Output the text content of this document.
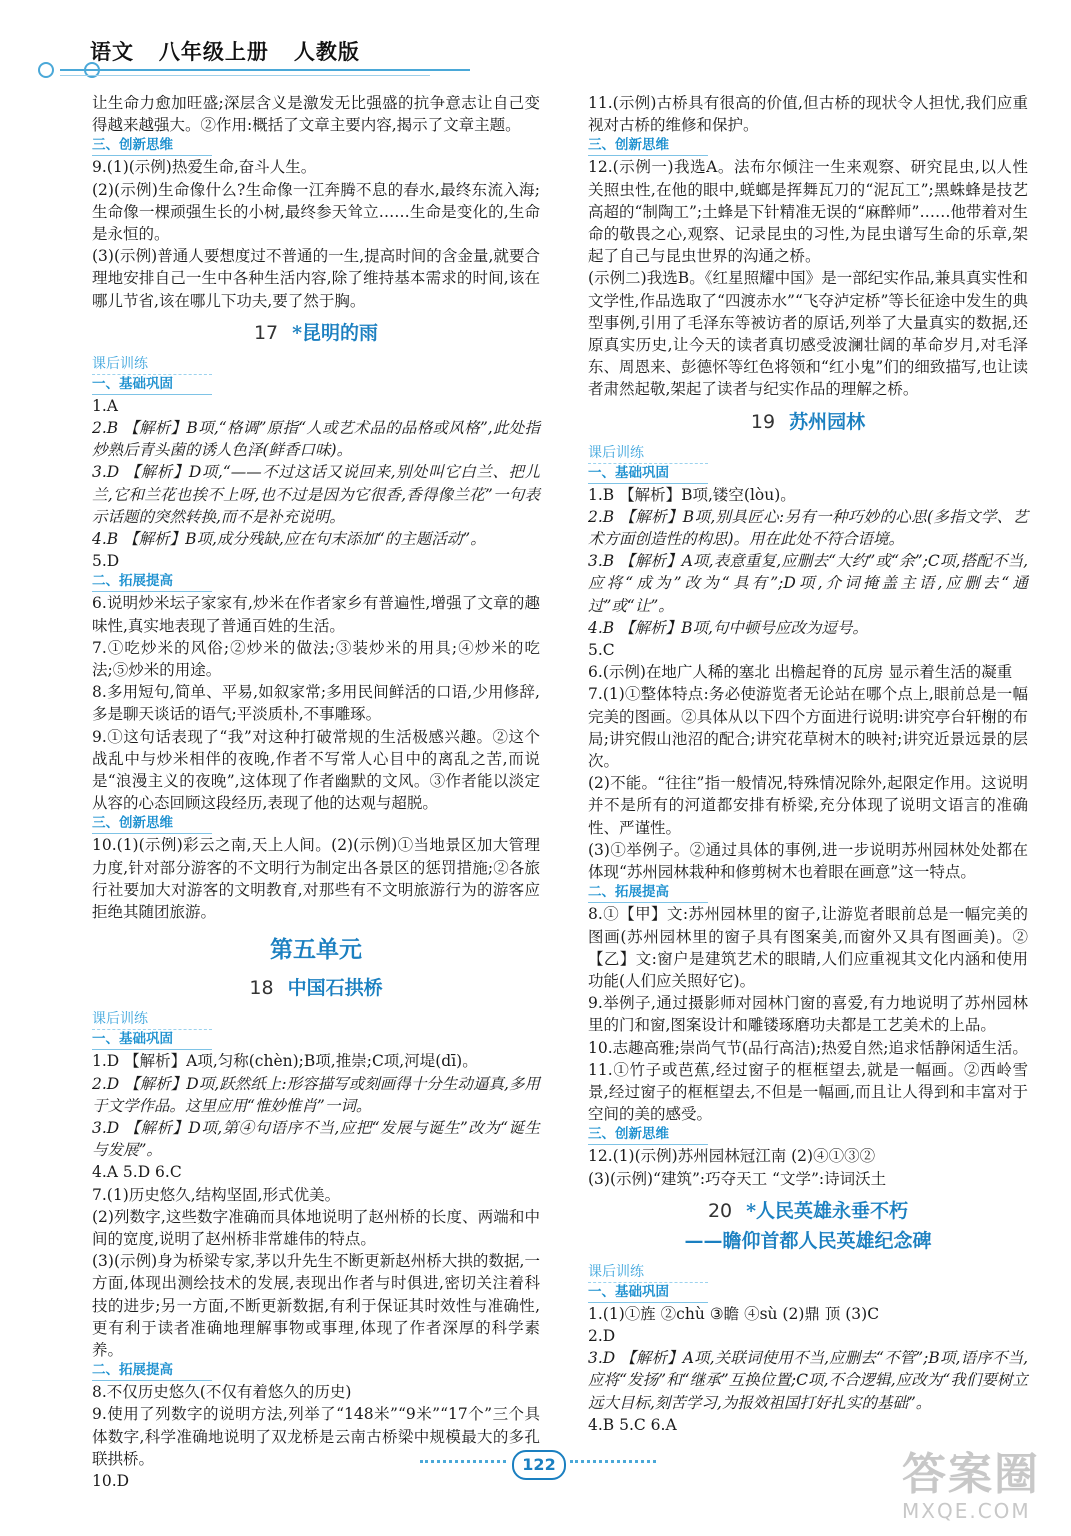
语文   八年级上册   人教版

让生命力愈加旺盛;深层含义是激发无比强盛的抗争意志让自己变得越来越强大。②作用:概括了文章主要内容,揭示了文章主题。

三、创新思维

9.(1)(示例)热爱生命,奋斗人生。

(2)(示例)生命像什么?生命像一江奔腾不息的春水,最终东流入海;生命像一棵顽强生长的小树,最终参天耸立……生命是变化的,生命是永恒的。

(3)(示例)普通人要想度过不普通的一生,提高时间的含金量,就要合理地安排自己一生中各种生活内容,除了维持基本需求的时间,该在哪儿节省,该在哪儿下功夫,要了然于胸。

17 *昆明的雨

课后训练

一、基础巩固

1.A

2.B 【解析】B项,“格调”原指“人或艺术品的品格或风格”,此处指炒熟后青头菌的诱人色泽(鲜香口味)。

3.D 【解析】D项,“——不过这话又说回来,别处叫它白兰、把儿兰,它和兰花也挨不上呀,也不过是因为它很香,香得像兰花”一句表示话题的突然转换,而不是补充说明。

4.B 【解析】B项,成分残缺,应在句末添加“的主题活动”。

5.D

二、拓展提高

6.说明炒米坛子家家有,炒米在作者家乡有普遍性,增强了文章的趣味性,真实地表现了普通百姓的生活。

7.①吃炒米的风俗;②炒米的做法;③装炒米的用具;④炒米的吃法;⑤炒米的用途。

8.多用短句,简单、平易,如叙家常;多用民间鲜活的口语,少用修辞,多是聊天谈话的语气;平淡质朴,不事雕琢。

9.①这句话表现了“我”对这种打破常规的生活极感兴趣。②这个战乱中与炒米相伴的夜晚,作者不写常人心目中的离乱之苦,而说是“浪漫主义的夜晚”,这体现了作者幽默的文风。③作者能以淡定从容的心态回顾这段经历,表现了他的达观与超脱。

三、创新思维

10.(1)(示例)彩云之南,天上人间。(2)(示例)①当地景区加大管理力度,针对部分游客的不文明行为制定出各景区的惩罚措施;②各旅行社要加大对游客的文明教育,对那些有不文明旅游行为的游客应拒绝其随团旅游。

第五单元
18 中国石拱桥

课后训练

一、基础巩固

1.D 【解析】A项,匀称(chèn);B项,推崇;C项,河堤(dī)。

2.D 【解析】D项,跃然纸上:形容描写或刻画得十分生动逼真,多用于文学作品。这里应用“惟妙惟肖”一词。

3.D 【解析】D项,第④句语序不当,应把“发展与诞生”改为“诞生与发展”。

4.A 5.D 6.C

7.(1)历史悠久,结构坚固,形式优美。

(2)列数字,这些数字准确而具体地说明了赵州桥的长度、两端和中间的宽度,说明了赵州桥非常雄伟的特点。

(3)(示例)身为桥梁专家,茅以升先生不断更新赵州桥大拱的数据,一方面,体现出测绘技术的发展,表现出作者与时俱进,密切关注着科技的进步;另一方面,不断更新数据,有利于保证其时效性与准确性,更有利于读者准确地理解事物或事理,体现了作者深厚的科学素养。

二、拓展提高

8.不仅历史悠久(不仅有着悠久的历史)

9.使用了列数字的说明方法,列举了“148米”“9米”“17个”三个具体数字,科学准确地说明了双龙桥是云南古桥梁中规模最大的多孔联拱桥。

10.D

11.(示例)古桥具有很高的价值,但古桥的现状令人担忧,我们应重视对古桥的维修和保护。

三、创新思维

12.(示例一)我选A。法布尔倾注一生来观察、研究昆虫,以人性关照虫性,在他的眼中,蜣螂是挥舞瓦刀的“泥瓦工”;黑蛛蜂是技艺高超的“制陶工”;土蜂是下针精准无误的“麻醉师”……他带着对生命的敬畏之心,观察、记录昆虫的习性,为昆虫谱写生命的乐章,架起了自己与昆虫世界的沟通之桥。

(示例二)我选B。《红星照耀中国》是一部纪实作品,兼具真实性和文学性,作品选取了“四渡赤水”“飞夺泸定桥”等长征途中发生的典型事例,引用了毛泽东等被访者的原话,列举了大量真实的数据,还原真实历史,让今天的读者真切感受波澜壮阔的革命岁月,对毛泽东、周恩来、彭德怀等红色将领和“红小鬼”们的细致描写,也让读者肃然起敬,架起了读者与纪实作品的理解之桥。

19 苏州园林

课后训练

一、基础巩固

1.B 【解析】B项,镂空(lòu)。

2.B 【解析】B项,别具匠心:另有一种巧妙的心思(多指文学、艺术方面创造性的构思)。用在此处不符合语境。

3.B 【解析】A项,表意重复,应删去“大约”或“余”;C项,搭配不当,应将“成为”改为“具有”;D项,介词掩盖主语,应删去“通过”或“让”。

4.B 【解析】B项,句中顿号应改为逗号。

5.C

6.(示例)在地广人稀的塞北 出檐起脊的瓦房 显示着生活的凝重

7.(1)①整体特点:务必使游览者无论站在哪个点上,眼前总是一幅完美的图画。②具体从以下四个方面进行说明:讲究亭台轩榭的布局;讲究假山池沼的配合;讲究花草树木的映衬;讲究近景远景的层次。

(2)不能。“往往”指一般情况,特殊情况除外,起限定作用。这说明并不是所有的河道都安排有桥梁,充分体现了说明文语言的准确性、严谨性。

(3)①举例子。②通过具体的事例,进一步说明苏州园林处处都在体现“苏州园林栽种和修剪树木也着眼在画意”这一特点。

二、拓展提高

8.①【甲】文:苏州园林里的窗子,让游览者眼前总是一幅完美的图画(苏州园林里的窗子具有图案美,而窗外又具有图画美)。②【乙】文:窗户是建筑艺术的眼睛,人们应重视其文化内涵和使用功能(人们应关照好它)。

9.举例子,通过摄影师对园林门窗的喜爱,有力地说明了苏州园林里的门和窗,图案设计和雕镂琢磨功夫都是工艺美术的上品。

10.志趣高雅;崇尚气节(品行高洁);热爱自然;追求恬静闲适生活。

11.①竹子或芭蕉,经过窗子的框框望去,就是一幅画。②西岭雪景,经过窗子的框框望去,不但是一幅画,而且让人得到和丰富对于空间的美的感受。

三、创新思维

12.(1)(示例)苏州园林冠江南 (2)④①③②

(3)(示例)“建筑”:巧夺天工 “文学”:诗词沃土

20 *人民英雄永垂不朽
——瞻仰首都人民英雄纪念碑

课后训练

一、基础巩固

1.(1)①旌 ②chù ③瞻 ④sù (2)鼎 顶 (3)C

2.D

3.D 【解析】A项,关联词使用不当,应删去“不管”;B项,语序不当,应将“发扬”和“继承”互换位置;C项,不合逻辑,应改为“我们要树立远大目标,刻苦学习,为报效祖国打好扎实的基础”。

4.B 5.C 6.A

122	答案圈
MXQE.COM
